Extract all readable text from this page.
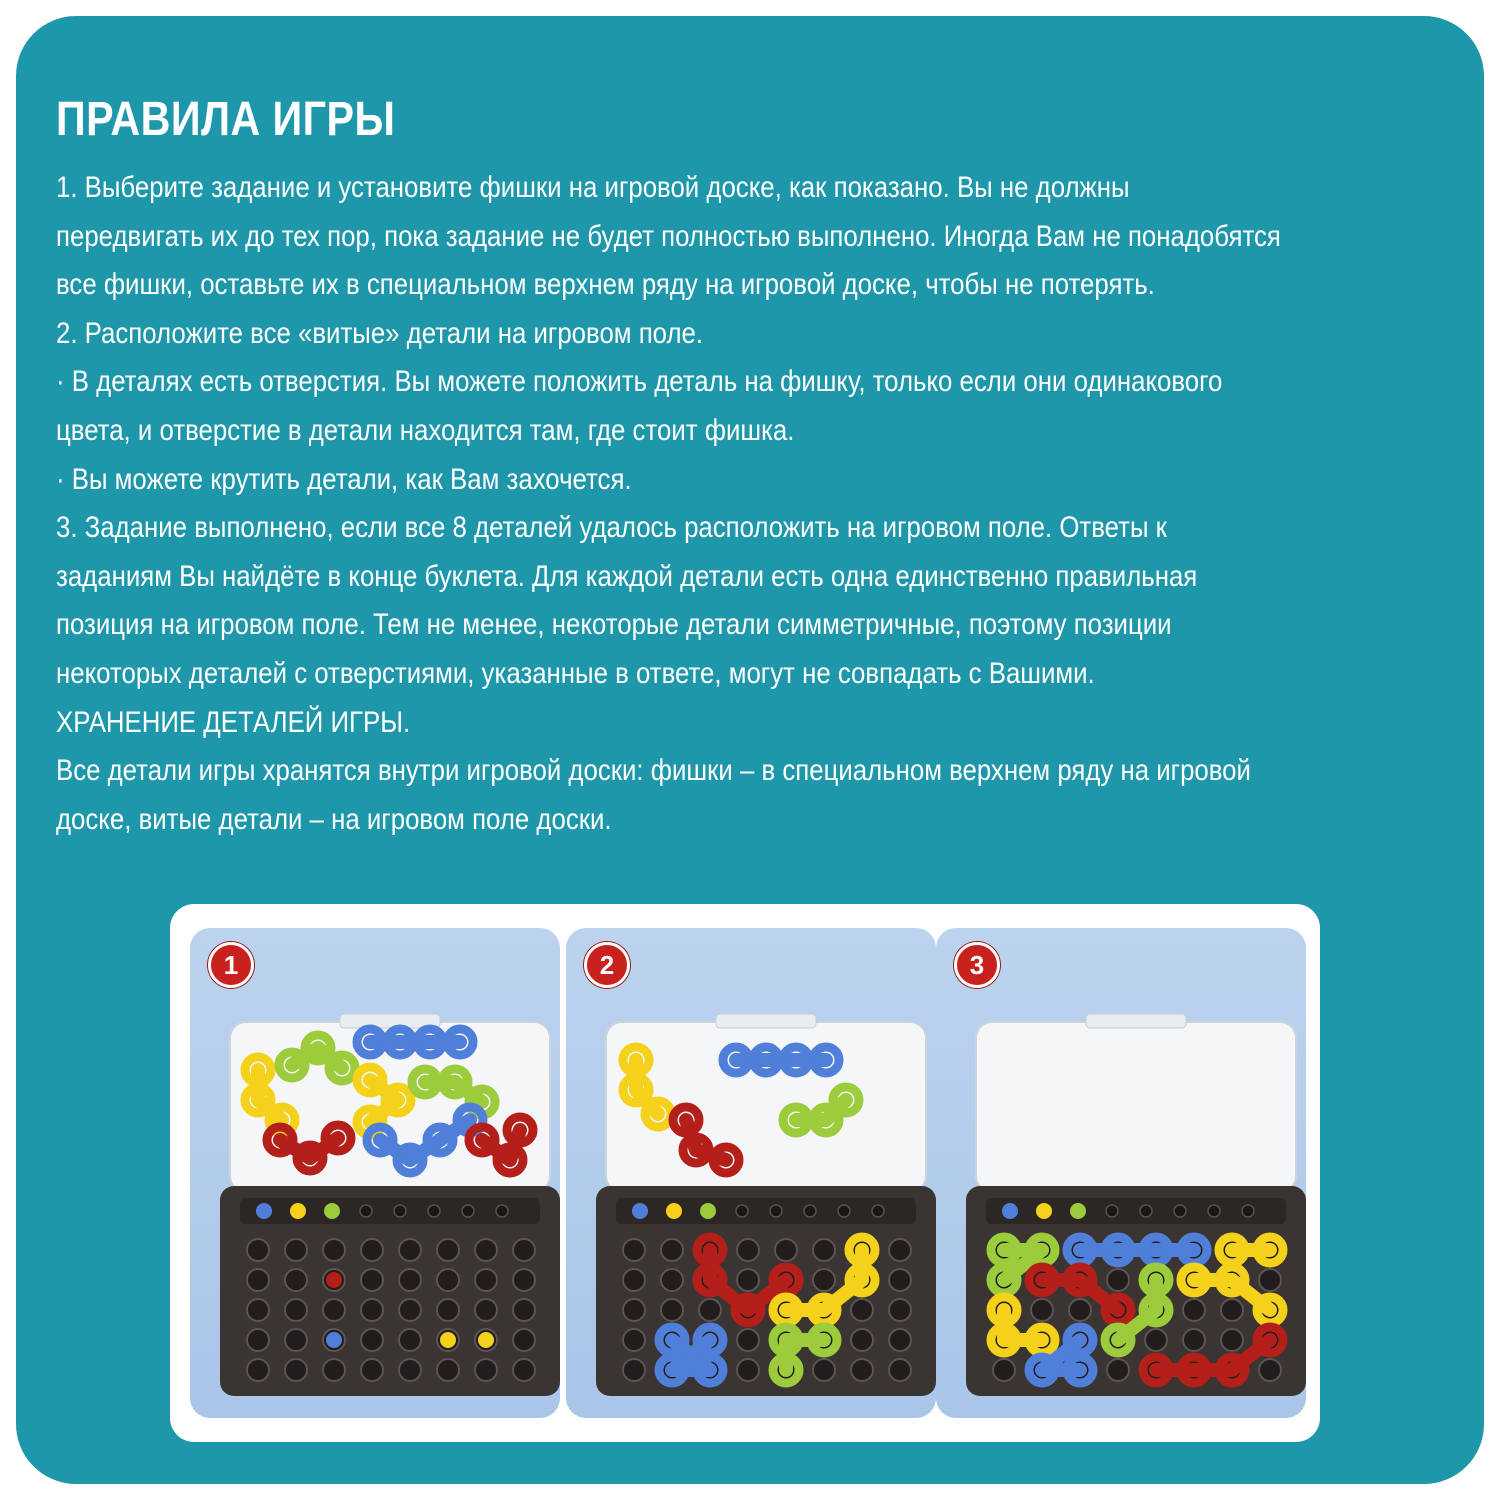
ПРАВИЛА ИГРЫ
1. Выберите задание и установите фишки на игровой доске, как показано. Вы не должны
передвигать их до тех пор, пока задание не будет полностью выполнено. Иногда Вам не понадобятся
все фишки, оставьте их в специальном верхнем ряду на игровой доске, чтобы не потерять.
2. Расположите все «витые» детали на игровом поле.
· В деталях есть отверстия. Вы можете положить деталь на фишку, только если они одинакового
цвета, и отверстие в детали находится там, где стоит фишка.
· Вы можете крутить детали, как Вам захочется.
3. Задание выполнено, если все 8 деталей удалось расположить на игровом поле. Ответы к
заданиям Вы найдёте в конце буклета. Для каждой детали есть одна единственно правильная
позиция на игровом поле. Тем не менее, некоторые детали симметричные, поэтому позиции
некоторых деталей с отверстиями, указанные в ответе, могут не совпадать с Вашими.
ХРАНЕНИЕ ДЕТАЛЕЙ ИГРЫ.
Все детали игры хранятся внутри игровой доски: фишки – в специальном верхнем ряду на игровой
доске, витые детали – на игровом поле доски.
1	2	3
